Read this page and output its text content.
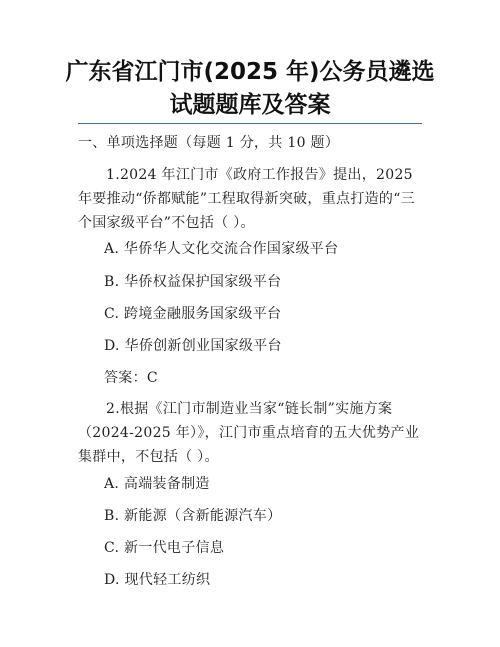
广东省江门市(2025 年)公务员遴选试题题库及答案
一、单项选择题（每题 1 分，共 10 题）
1.2024 年江门市《政府工作报告》提出，2025 年要推动“侨都赋能”工程取得新突破，重点打造的“三个国家级平台”不包括（ ）。
A. 华侨华人文化交流合作国家级平台
B. 华侨权益保护国家级平台
C. 跨境金融服务国家级平台
D. 华侨创新创业国家级平台
答案：C
2.根据《江门市制造业当家“链长制”实施方案（2024-2025 年）》，江门市重点培育的五大优势产业集群中，不包括（ ）。
A. 高端装备制造
B. 新能源（含新能源汽车）
C. 新一代电子信息
D. 现代轻工纺织
